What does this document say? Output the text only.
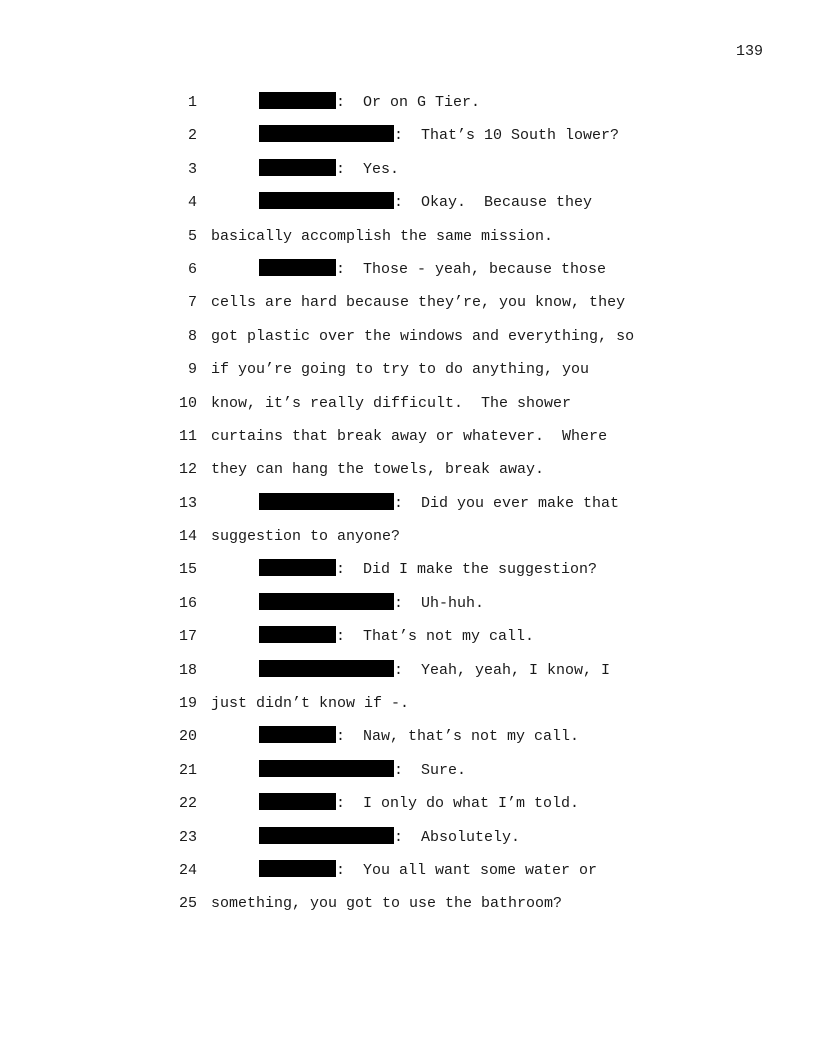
139
1	:  Or on G Tier.
2	:  That’s 10 South lower?
3	:  Yes.
4	:  Okay.  Because they
5 basically accomplish the same mission.
6	:  Those - yeah, because those
7 cells are hard because they’re, you know, they
8 got plastic over the windows and everything, so
9 if you’re going to try to do anything, you
10 know, it’s really difficult.  The shower
11 curtains that break away or whatever.  Where
12 they can hang the towels, break away.
13	:  Did you ever make that
14 suggestion to anyone?
15	:  Did I make the suggestion?
16	:  Uh-huh.
17	:  That’s not my call.
18	:  Yeah, yeah, I know, I
19 just didn’t know if -.
20	:  Naw, that’s not my call.
21	:  Sure.
22	:  I only do what I’m told.
23	:  Absolutely.
24	:  You all want some water or
25 something, you got to use the bathroom?
